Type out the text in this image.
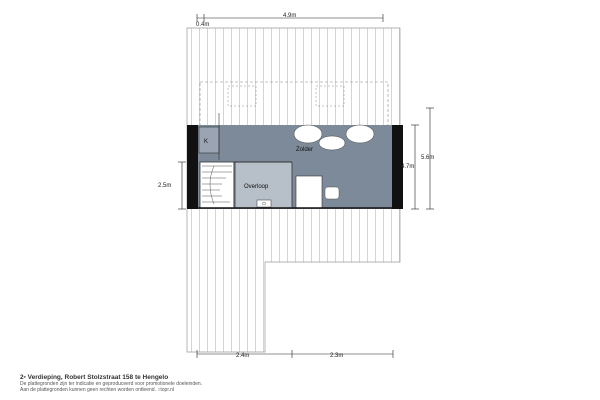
Zolder
Overloop
K
4.9m
0.4m
5.6m
4.7m
2.5m
2.4m	2.3m
2e Verdieping, Robert Stolzstraat 158 te Hengelo
De plattegronden zijn ter indicatie en geproduceerd voor promotionele doeleinden.
Aan de plattegronden kunnen geen rechten worden ontleend. ○topr.nl
